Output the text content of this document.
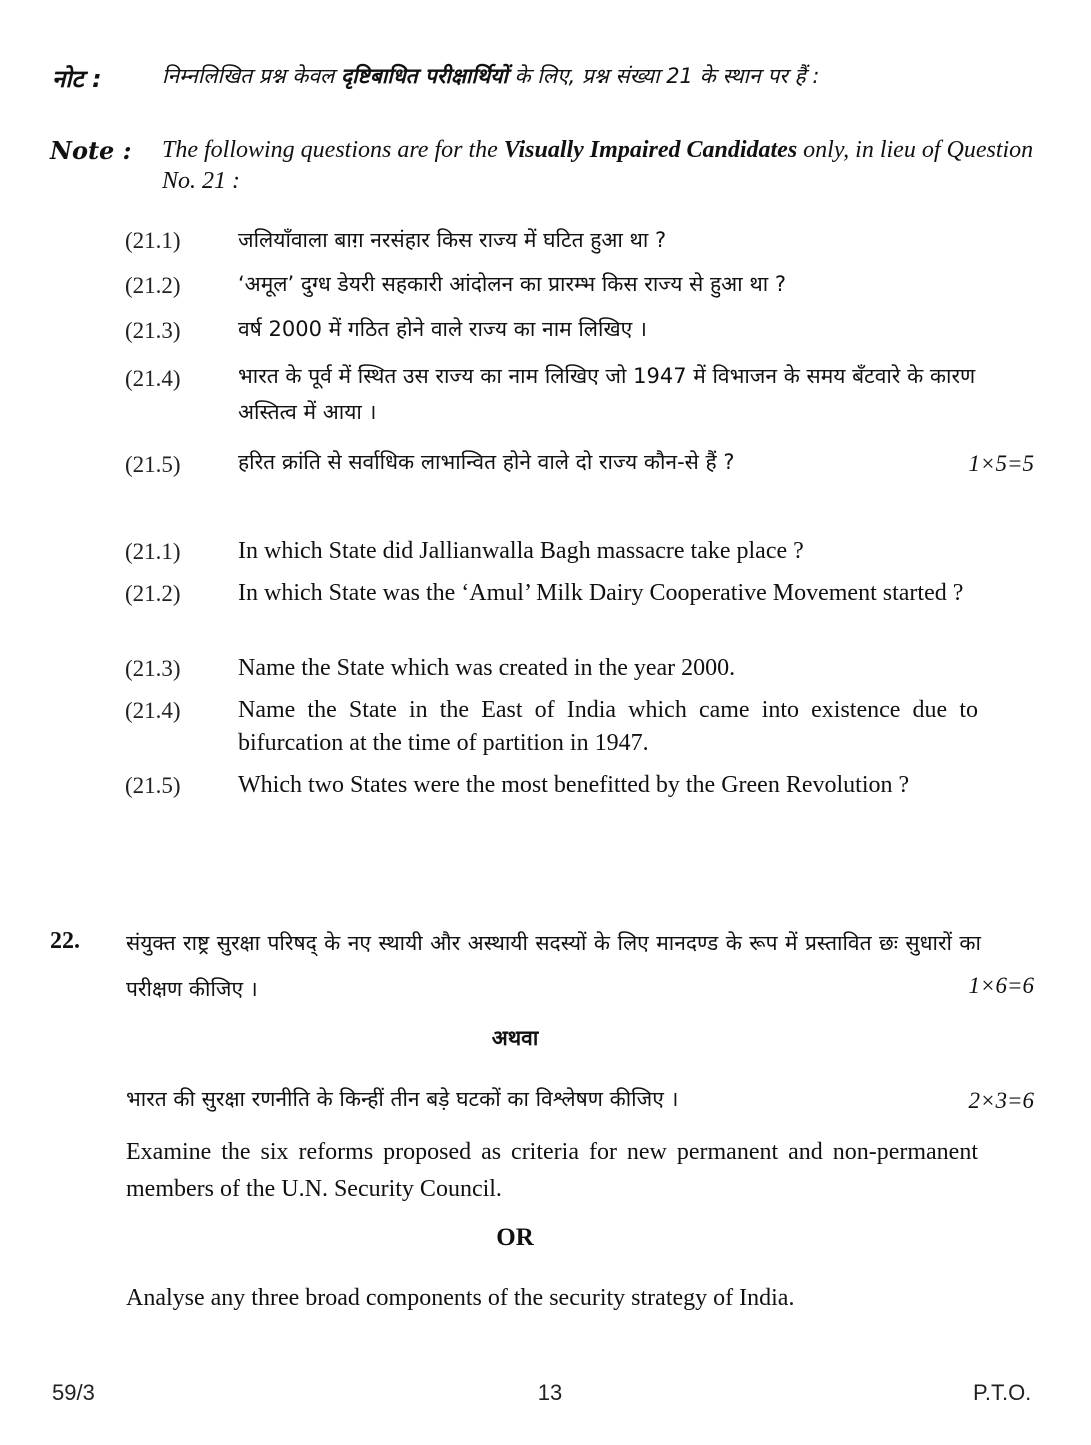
नोट :	निम्नलिखित प्रश्न केवल दृष्टिबाधित परीक्षार्थियों के लिए, प्रश्न संख्या 21 के स्थान पर हैं :
Note : The following questions are for the Visually Impaired Candidates only, in lieu of Question No. 21 :
(21.1)	जलियाँवाला बाग़ नरसंहार किस राज्य में घटित हुआ था ?
(21.2)	‘अमूल’ दुग्ध डेयरी सहकारी आंदोलन का प्रारम्भ किस राज्य से हुआ था ?
(21.3)	वर्ष 2000 में गठित होने वाले राज्य का नाम लिखिए ।
(21.4)	भारत के पूर्व में स्थित उस राज्य का नाम लिखिए जो 1947 में विभाजन के समय बँटवारे के कारण अस्तित्व में आया ।
(21.5)	हरित क्रांति से सर्वाधिक लाभान्वित होने वाले दो राज्य कौन-से हैं ?	1×5=5
(21.1) In which State did Jallianwalla Bagh massacre take place ?
(21.2) In which State was the ‘Amul’ Milk Dairy Cooperative Movement started ?
(21.3) Name the State which was created in the year 2000.
(21.4) Name the State in the East of India which came into existence due to bifurcation at the time of partition in 1947.
(21.5) Which two States were the most benefitted by the Green Revolution ?
22. संयुक्त राष्ट्र सुरक्षा परिषद् के नए स्थायी और अस्थायी सदस्यों के लिए मानदण्ड के रूप में प्रस्तावित छः सुधारों का परीक्षण कीजिए ।	1×6=6
अथवा
भारत की सुरक्षा रणनीति के किन्हीं तीन बड़े घटकों का विश्लेषण कीजिए ।	2×3=6
Examine the six reforms proposed as criteria for new permanent and non-permanent members of the U.N. Security Council.
OR
Analyse any three broad components of the security strategy of India.
59/3	13	P.T.O.
